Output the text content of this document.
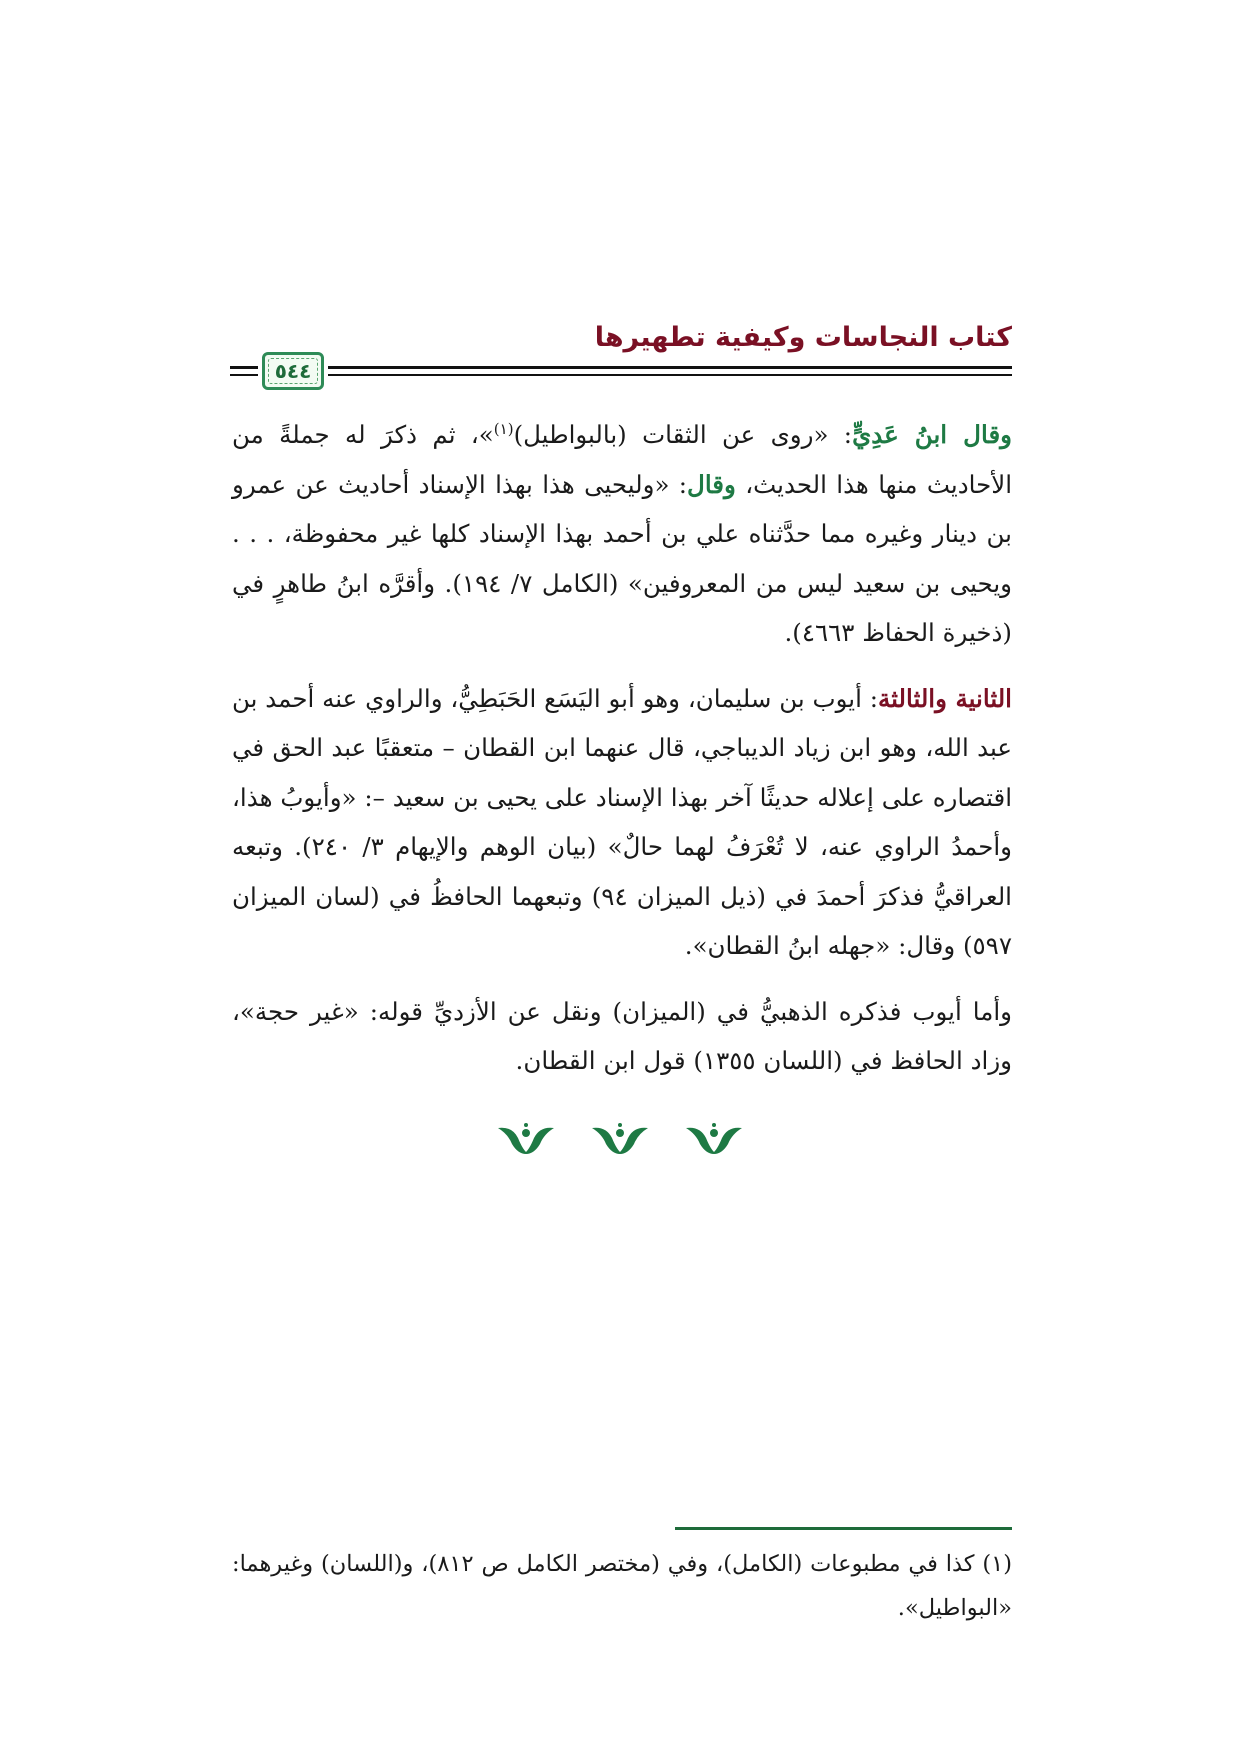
كتاب النجاسات وكيفية تطهيرها
٥٤٤

وقال ابنُ عَدِيٍّ: «روى عن الثقات (بالبواطيل)$^{(١)}$»، ثم ذكرَ له جملةً من الأحاديث منها هذا الحديث، وقال: «وليحيى هذا بهذا الإسناد أحاديث عن عمرو بن دينار وغيره مما حدَّثناه علي بن أحمد بهذا الإسناد كلها غير محفوظة، . . . ويحيى بن سعيد ليس من المعروفين» (الكامل ٧/ ١٩٤). وأقرَّه ابنُ طاهرٍ في (ذخيرة الحفاظ ٤٦٦٣).

الثانية والثالثة: أيوب بن سليمان، وهو أبو اليَسَع الحَبَطِيُّ، والراوي عنه أحمد بن عبد الله، وهو ابن زياد الديباجي، قال عنهما ابن القطان – متعقبًا عبد الحق في اقتصاره على إعلاله حديثًا آخر بهذا الإسناد على يحيى بن سعيد –: «وأيوبُ هذا، وأحمدُ الراوي عنه، لا تُعْرَفُ لهما حالٌ» (بيان الوهم والإيهام ٣/ ٢٤٠). وتبعه العراقيُّ فذكرَ أحمدَ في (ذيل الميزان ٩٤) وتبعهما الحافظُ في (لسان الميزان ٥٩٧) وقال: «جهله ابنُ القطان».

وأما أيوب فذكره الذهبيُّ في (الميزان) ونقل عن الأزديِّ قوله: «غير حجة»، وزاد الحافظ في (اللسان ١٣٥٥) قول ابن القطان.

(١) كذا في مطبوعات (الكامل)، وفي (مختصر الكامل ص ٨١٢)، و(اللسان) وغيرهما: «البواطيل».
